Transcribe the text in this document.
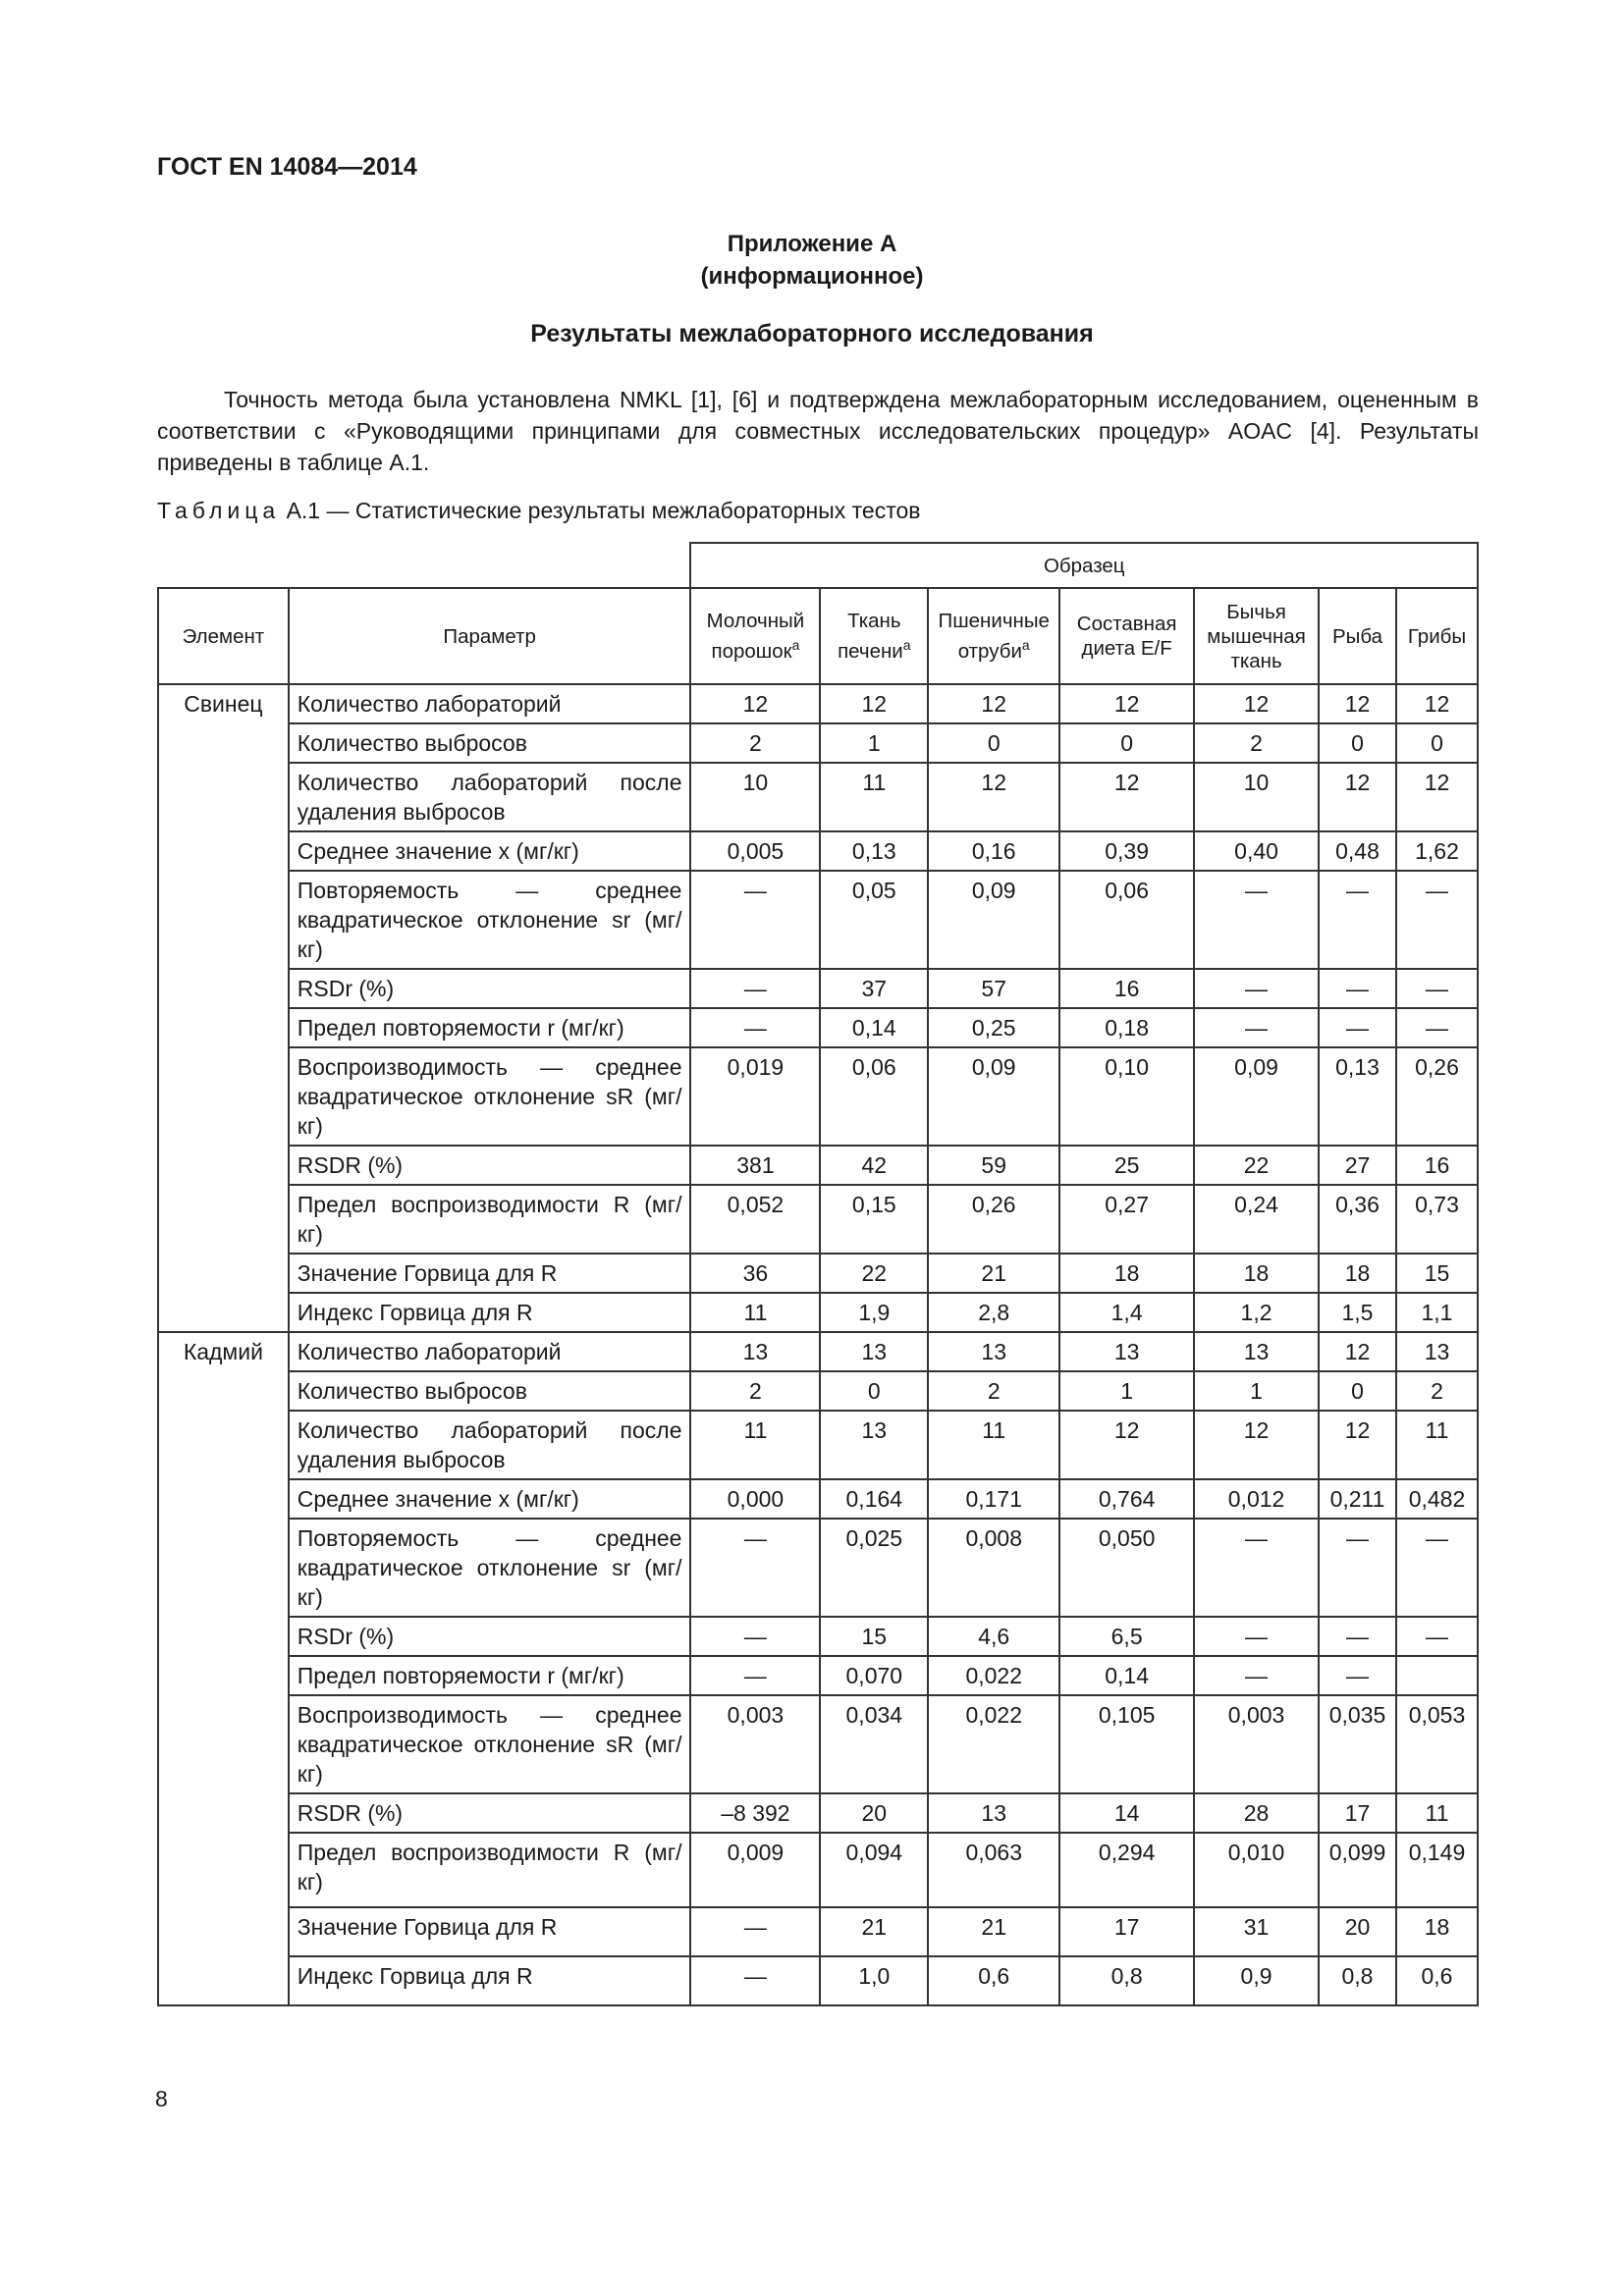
ГОСТ EN 14084—2014
Приложение А
(информационное)
Результаты межлабораторного исследования

Точность метода была установлена NMKL [1], [6] и подтверждена межлабораторным исследованием, оцененным в соответствии с «Руководящими принципами для совместных исследовательских процедур» AOAC [4]. Результаты приведены в таблице А.1.

Таблица А.1 — Статистические результаты межлабораторных тестов
		Образец						
Элемент	Параметр	Молочный порошок$^a$	Ткань печени$^a$	Пшеничные отруби$^a$	Составная диета E/F	Бычья мышечная ткань	Рыба	Грибы
Свинец	Количество лабораторий	12	12	12	12	12	12	12
	Количество выбросов	2	1	0	0	2	0	0
	Количество лабораторий после удаления выбросов	10	11	12	12	10	12	12
	Среднее значение x (мг/кг)	0,005	0,13	0,16	0,39	0,40	0,48	1,62
	Повторяемость — среднее квадратическое отклонение sr (мг/кг)	—	0,05	0,09	0,06	—	—	—
	RSDr (%)	—	37	57	16	—	—	—
	Предел повторяемости r (мг/кг)	—	0,14	0,25	0,18	—	—	—
	Воспроизводимость — среднее квадратическое отклонение sR (мг/кг)	0,019	0,06	0,09	0,10	0,09	0,13	0,26
	RSDR (%)	381	42	59	25	22	27	16
	Предел воспроизводимости R (мг/кг)	0,052	0,15	0,26	0,27	0,24	0,36	0,73
	Значение Горвица для R	36	22	21	18	18	18	15
	Индекс Горвица для R	11	1,9	2,8	1,4	1,2	1,5	1,1
Кадмий	Количество лабораторий	13	13	13	13	13	12	13
	Количество выбросов	2	0	2	1	1	0	2
	Количество лабораторий после удаления выбросов	11	13	11	12	12	12	11
	Среднее значение x (мг/кг)	0,000	0,164	0,171	0,764	0,012	0,211	0,482
	Повторяемость — среднее квадратическое отклонение sr (мг/кг)	—	0,025	0,008	0,050	—	—	—
	RSDr (%)	—	15	4,6	6,5	—	—	—
	Предел повторяемости r (мг/кг)	—	0,070	0,022	0,14	—	—	
	Воспроизводимость — среднее квадратическое отклонение sR (мг/кг)	0,003	0,034	0,022	0,105	0,003	0,035	0,053
	RSDR (%)	–8 392	20	13	14	28	17	11
	Предел воспроизводимости R (мг/кг)	0,009	0,094	0,063	0,294	0,010	0,099	0,149
	Значение Горвица для R	—	21	21	17	31	20	18
	Индекс Горвица для R	—	1,0	0,6	0,8	0,9	0,8	0,6
8
